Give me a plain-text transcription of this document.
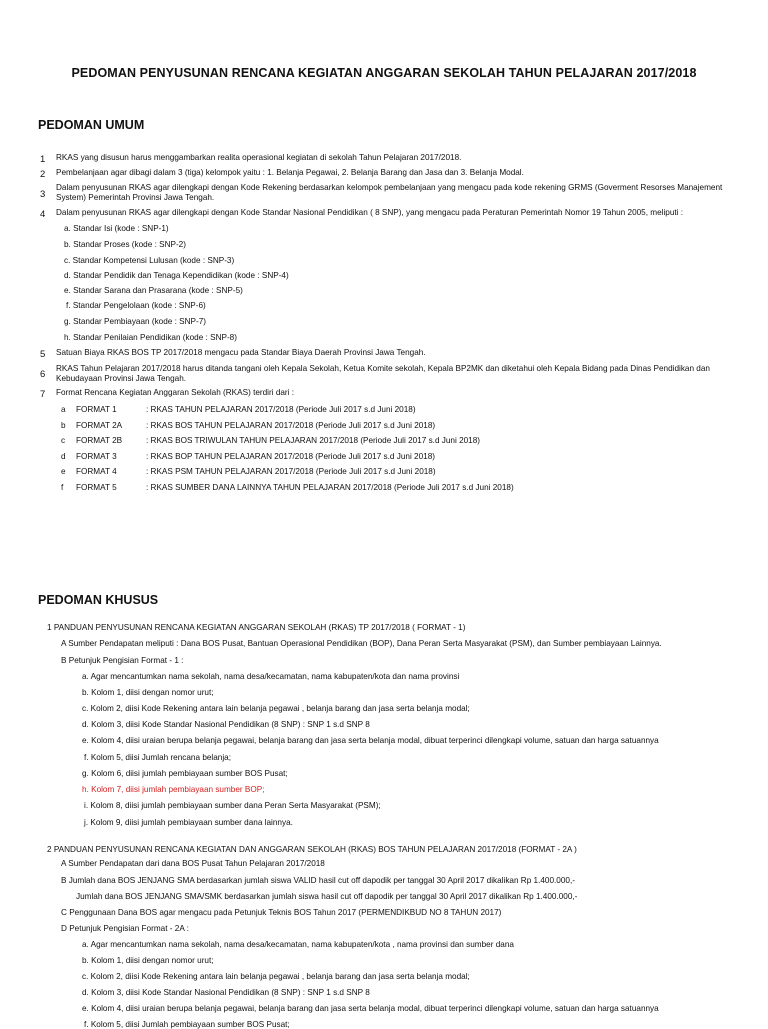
PEDOMAN PENYUSUNAN RENCANA KEGIATAN ANGGARAN SEKOLAH TAHUN PELAJARAN 2017/2018
PEDOMAN UMUM
1 RKAS yang disusun harus menggambarkan realita operasional kegiatan di sekolah Tahun Pelajaran 2017/2018.
2 Pembelanjaan agar dibagi dalam 3 (tiga) kelompok yaitu : 1. Belanja Pegawai, 2. Belanja Barang dan Jasa dan 3. Belanja Modal.
3
Dalam penyusunan RKAS agar dilengkapi dengan Kode Rekening berdasarkan kelompok pembelanjaan yang mengacu pada kode rekening GRMS (Goverment Resorses Manajement System) Pemerintah Provinsi Jawa Tengah.
4 Dalam penyusunan RKAS agar dilengkapi dengan Kode Standar Nasional Pendidikan ( 8 SNP), yang mengacu pada Peraturan Pemerintah Nomor 19 Tahun 2005, meliputi :
a. Standar Isi (kode : SNP-1)
b. Standar Proses (kode : SNP-2)
c. Standar Kompetensi Lulusan (kode : SNP-3)
d. Standar Pendidik dan Tenaga Kependidikan (kode : SNP-4)
e. Standar Sarana dan Prasarana (kode : SNP-5)
f. Standar Pengelolaan (kode : SNP-6)
g. Standar Pembiayaan (kode : SNP-7)
h. Standar Penilaian Pendidikan (kode : SNP-8)
5 Satuan Biaya RKAS BOS TP 2017/2018 mengacu pada Standar Biaya Daerah Provinsi Jawa Tengah.
6
RKAS Tahun Pelajaran 2017/2018 harus ditanda tangani oleh Kepala Sekolah, Ketua Komite sekolah, Kepala BP2MK dan diketahui oleh Kepala Bidang pada Dinas Pendidikan dan Kebudayaan Provinsi Jawa Tengah.
7 Format Rencana Kegiatan Anggaran Sekolah (RKAS) terdiri dari :
a FORMAT 1	: RKAS TAHUN PELAJARAN 2017/2018 (Periode Juli 2017 s.d Juni 2018)
b FORMAT 2A	: RKAS BOS TAHUN PELAJARAN 2017/2018 (Periode Juli 2017 s.d Juni 2018)
c FORMAT 2B	: RKAS BOS TRIWULAN TAHUN PELAJARAN 2017/2018 (Periode Juli 2017 s.d Juni 2018)
d FORMAT 3	: RKAS BOP TAHUN PELAJARAN 2017/2018 (Periode Juli 2017 s.d Juni 2018)
e FORMAT 4	: RKAS PSM TAHUN PELAJARAN 2017/2018 (Periode Juli 2017 s.d Juni 2018)
f FORMAT 5	: RKAS SUMBER DANA LAINNYA TAHUN PELAJARAN 2017/2018 (Periode Juli 2017 s.d Juni 2018)
PEDOMAN KHUSUS
1 PANDUAN PENYUSUNAN RENCANA KEGIATAN ANGGARAN SEKOLAH (RKAS) TP 2017/2018 ( FORMAT - 1)
A Sumber Pendapatan meliputi : Dana BOS Pusat, Bantuan Operasional Pendidikan (BOP), Dana Peran Serta Masyarakat (PSM), dan Sumber pembiayaan Lainnya.
B Petunjuk Pengisian Format - 1 :
a. Agar mencantumkan nama sekolah, nama desa/kecamatan, nama kabupaten/kota dan nama provinsi
b. Kolom 1, diisi dengan nomor urut;
c. Kolom 2, diisi Kode Rekening antara lain belanja pegawai , belanja barang dan jasa serta belanja modal;
d. Kolom 3, diisi Kode Standar Nasional Pendidikan (8 SNP) : SNP 1 s.d SNP 8
e. Kolom 4, diisi uraian berupa belanja pegawai, belanja barang dan jasa serta belanja modal, dibuat terperinci dilengkapi volume, satuan dan harga satuannya
f. Kolom 5, diisi Jumlah rencana belanja;
g. Kolom 6, diisi jumlah pembiayaan sumber BOS Pusat;
h. Kolom 7, diisi jumlah pembiayaan sumber BOP;
i. Kolom 8, diisi jumlah pembiayaan sumber dana Peran Serta Masyarakat (PSM);
j. Kolom 9, diisi jumlah pembiayaan sumber dana lainnya.
2 PANDUAN PENYUSUNAN RENCANA KEGIATAN DAN ANGGARAN SEKOLAH (RKAS) BOS TAHUN PELAJARAN 2017/2018 (FORMAT - 2A )
A Sumber Pendapatan dari dana BOS Pusat Tahun Pelajaran 2017/2018
B Jumlah dana BOS JENJANG SMA berdasarkan jumlah siswa VALID hasil cut off dapodik per tanggal 30 April 2017 dikalikan Rp 1.400.000,-
Jumlah dana BOS JENJANG SMA/SMK berdasarkan jumlah siswa hasil cut off dapodik per tanggal 30 April 2017 dikalikan Rp 1.400.000,-
C Penggunaan Dana BOS agar mengacu pada Petunjuk Teknis BOS Tahun 2017 (PERMENDIKBUD NO 8 TAHUN 2017)
D Petunjuk Pengisian Format - 2A :
a. Agar mencantumkan nama sekolah, nama desa/kecamatan, nama kabupaten/kota , nama provinsi dan sumber dana
b. Kolom 1, diisi dengan nomor urut;
c. Kolom 2, diisi Kode Rekening antara lain belanja pegawai , belanja barang dan jasa serta belanja modal;
d. Kolom 3, diisi Kode Standar Nasional Pendidikan (8 SNP) : SNP 1 s.d SNP 8
e. Kolom 4, diisi uraian berupa belanja pegawai, belanja barang dan jasa serta belanja modal, dibuat terperinci dilengkapi volume, satuan dan harga satuannya
f. Kolom 5, diisi Jumlah pembiayaan sumber BOS Pusat;
